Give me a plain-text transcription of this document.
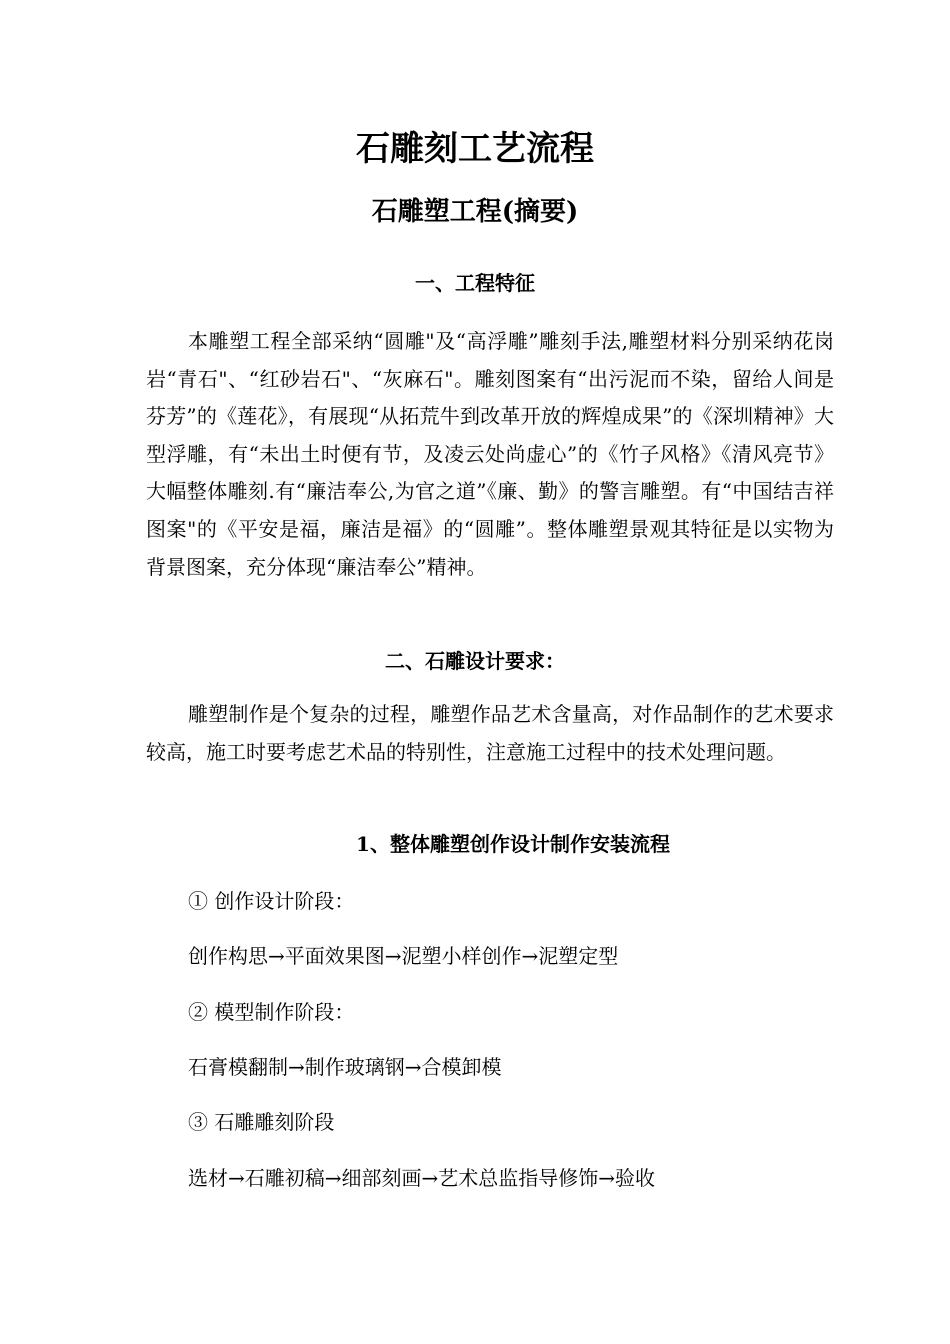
石雕刻工艺流程
石雕塑工程(摘要)
一、工程特征
本雕塑工程全部采纳“圆雕"及“高浮雕”雕刻手法,雕塑材料分别采纳花岗岩“青石"、“红砂岩石"、“灰麻石"。雕刻图案有“出污泥而不染，留给人间是芬芳”的《莲花》，有展现“从拓荒牛到改革开放的辉煌成果”的《深圳精神》大型浮雕，有“未出土时便有节，及凌云处尚虚心”的《竹子风格》《清风亮节》大幅整体雕刻.有“廉洁奉公,为官之道”《廉、勤》的警言雕塑。有“中国结吉祥图案"的《平安是福，廉洁是福》的“圆雕”。整体雕塑景观其特征是以实物为背景图案，充分体现“廉洁奉公”精神。
二、石雕设计要求：
雕塑制作是个复杂的过程，雕塑作品艺术含量高，对作品制作的艺术要求较高，施工时要考虑艺术品的特别性，注意施工过程中的技术处理问题。
1、整体雕塑创作设计制作安装流程
① 创作设计阶段：
创作构思→平面效果图→泥塑小样创作→泥塑定型
② 模型制作阶段：
石膏模翻制→制作玻璃钢→合模卸模
③ 石雕雕刻阶段
选材→石雕初稿→细部刻画→艺术总监指导修饰→验收
